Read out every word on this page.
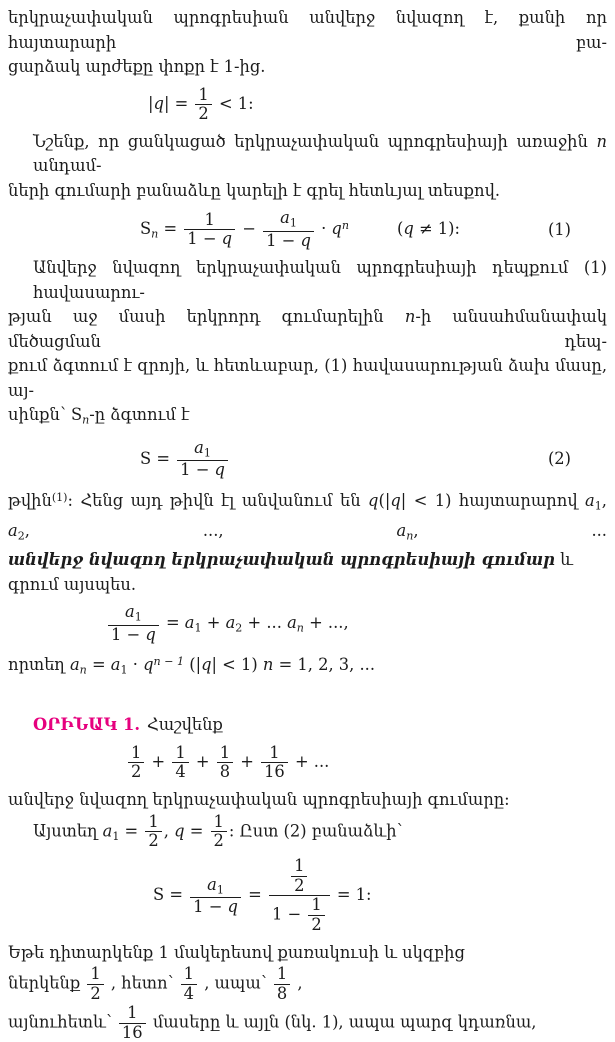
երկրաչափական պրոգրեսիան անվերջ նվազող է, քանի որ հայտարարի բա-
ցարձակ արժեքը փոքր է 1-ից.
$|q| = \frac{1}{2} < 1$:
Նշենք, որ ցանկացած երկրաչափական պրոգրեսիայի առաջին n անդամ-
ների գումարի բանաձևը կարելի է գրել հետևյալ տեսքով.
$S_n = \frac{1}{1 - q} - \frac{a_1}{1 - q} \cdot q^n$	(q ≠ 1):	(1)
Անվերջ նվազող երկրաչափական պրոգրեսիայի դեպքում (1) հավասարու-
թյան աջ մասի երկրորդ գումարելին n-ի անսահմանափակ մեծացման դեպ-
քում ձգտում է զրոյի, և հետևաբար, (1) հավասարության ձախ մասը, այ-
սինքն՝ $S_n-ը$ ձգտում է
$S = \frac{a_1}{1 - q}$	(2)
թվին$^{(1)}$: Հենց այդ թիվն էլ անվանում են q(|q| < 1) հայտարարով $a_1$, $a_2$, ..., $a_n$, ...
անվերջ նվազող երկրաչափական պրոգրեսիայի գումար և գրում այսպես.
$\frac{a_1}{1 - q} = a_1 + a_2$ + ... $a_n$ + ...,
որտեղ $a_n = a_1 \cdot q^{n - 1}$ (|q| < 1) n = 1, 2, 3, ...
ՕՐԻՆԱԿ 1. Հաշվենք
$\frac{1}{2} + \frac{1}{4} + \frac{1}{8} + \frac{1}{16}$ + ...
անվերջ նվազող երկրաչափական պրոգրեսիայի գումարը:
Այստեղ $a_1 = \frac{1}{2}$ , $q = \frac{1}{2}$ : Ըստ (2) բանաձևի՝
$S = \frac{a_1}{1 - q} = \frac{\frac{1}{2}}{1 - \frac{1}{2}} = 1$:
Եթե դիտարկենք 1 մակերեսով քառակուսի և սկզբից
ներկենք $\frac{1}{2}$ , հետո՝ $\frac{1}{4}$ , ապա՝ $\frac{1}{8}$ ,
այնուհետև՝ $\frac{1}{16}$ մասերը և այլն (նկ. 1), ապա պարզ կդառնա,
